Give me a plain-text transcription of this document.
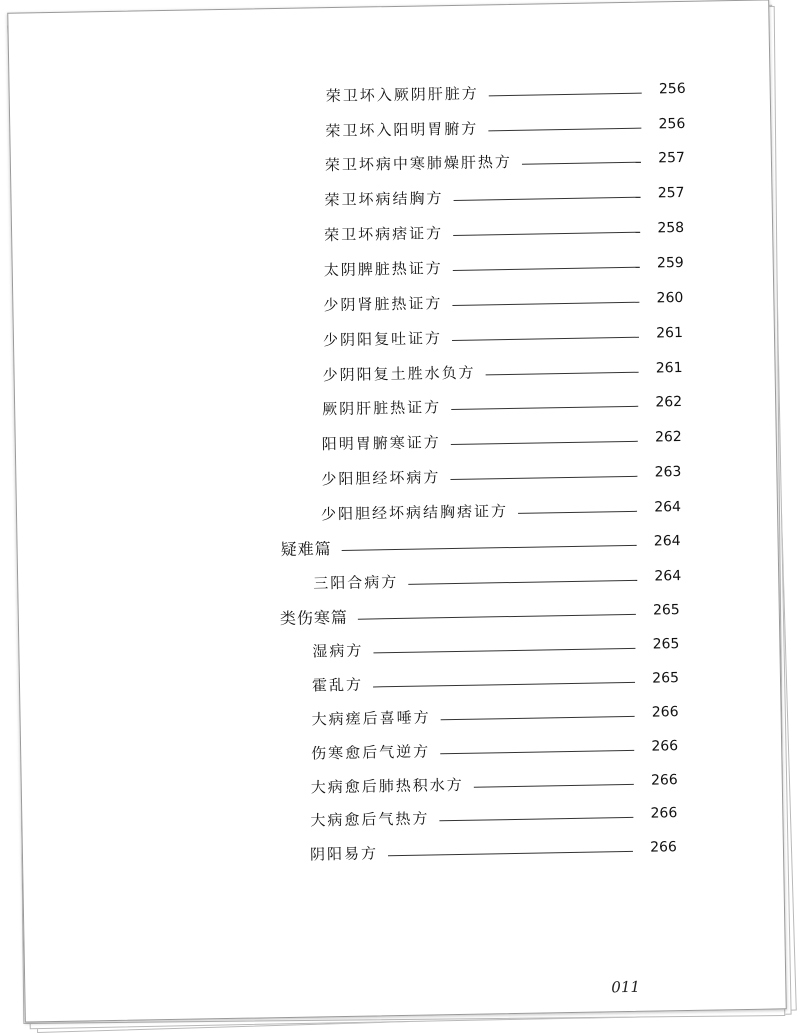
荣卫坏入厥阴肝脏方	256
荣卫坏入阳明胃腑方	256
荣卫坏病中寒肺燥肝热方	257
荣卫坏病结胸方	257
荣卫坏病痞证方	258
太阴脾脏热证方	259
少阴肾脏热证方	260
少阴阳复吐证方	261
少阴阳复土胜水负方	261
厥阴肝脏热证方	262
阳明胃腑寒证方	262
少阳胆经坏病方	263
少阳胆经坏病结胸痞证方	264
疑难篇	264
三阳合病方	264
类伤寒篇	265
湿病方	265
霍乱方	265
大病瘥后喜唾方	266
伤寒愈后气逆方	266
大病愈后肺热积水方	266
大病愈后气热方	266
阴阳易方	266
011
